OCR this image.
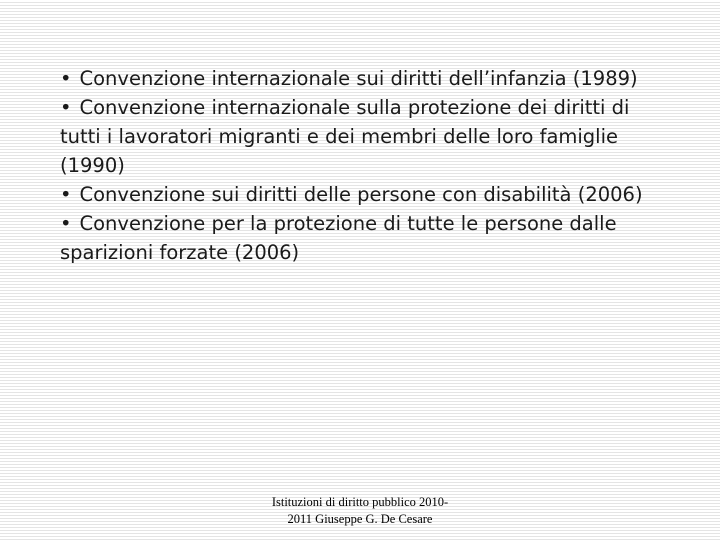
• Convenzione internazionale sui diritti dell’infanzia (1989)

• Convenzione internazionale sulla protezione dei diritti di tutti i lavoratori migranti e dei membri delle loro famiglie (1990)

• Convenzione sui diritti delle persone con disabilità (2006)

• Convenzione per la protezione di tutte le persone dalle sparizioni forzate (2006)

Istituzioni di diritto pubblico 2010-
2011 Giuseppe G. De Cesare
